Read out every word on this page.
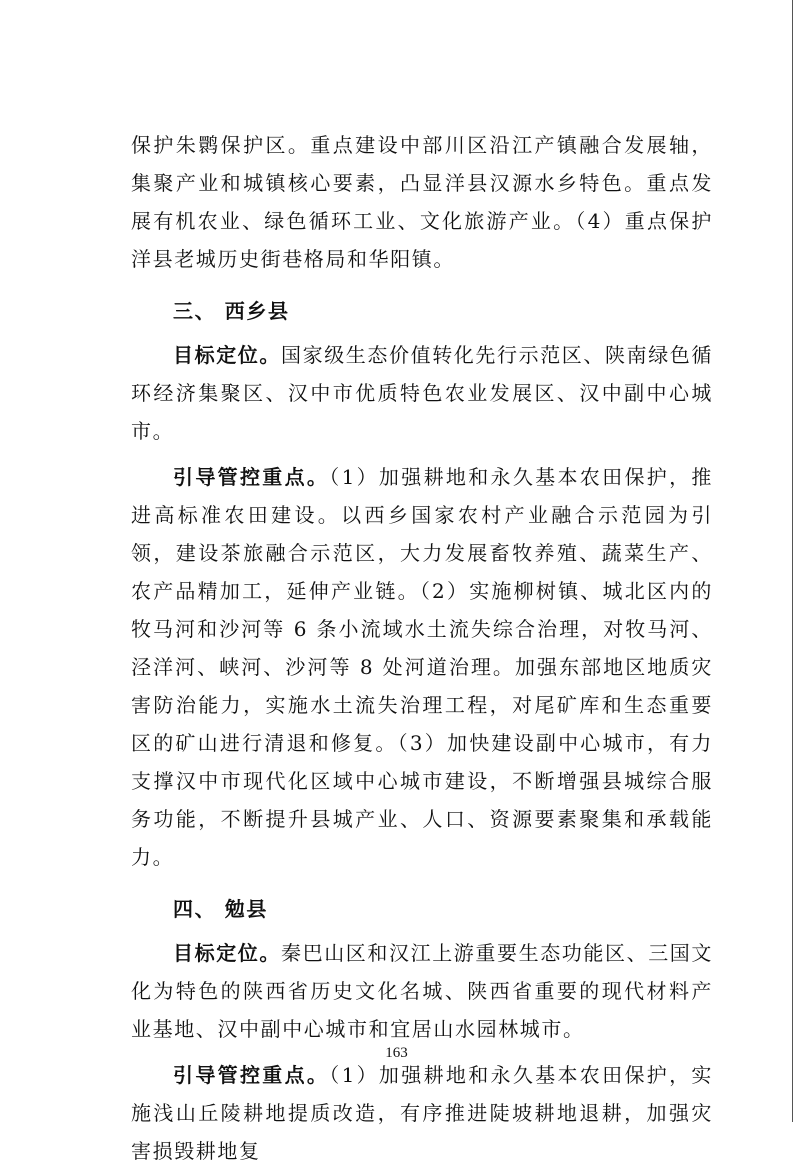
保护朱鹮保护区。重点建设中部川区沿江产镇融合发展轴，集聚产业和城镇核心要素，凸显洋县汉源水乡特色。重点发展有机农业、绿色循环工业、文化旅游产业。（4）重点保护洋县老城历史街巷格局和华阳镇。

三、 西乡县

目标定位。国家级生态价值转化先行示范区、陕南绿色循环经济集聚区、汉中市优质特色农业发展区、汉中副中心城市。

引导管控重点。（1）加强耕地和永久基本农田保护，推进高标准农田建设。以西乡国家农村产业融合示范园为引领，建设茶旅融合示范区，大力发展畜牧养殖、蔬菜生产、农产品精加工，延伸产业链。（2）实施柳树镇、城北区内的牧马河和沙河等 6 条小流域水土流失综合治理，对牧马河、泾洋河、峡河、沙河等 8 处河道治理。加强东部地区地质灾害防治能力，实施水土流失治理工程，对尾矿库和生态重要区的矿山进行清退和修复。（3）加快建设副中心城市，有力支撑汉中市现代化区域中心城市建设，不断增强县城综合服务功能，不断提升县城产业、人口、资源要素聚集和承载能力。

四、 勉县

目标定位。秦巴山区和汉江上游重要生态功能区、三国文化为特色的陕西省历史文化名城、陕西省重要的现代材料产业基地、汉中副中心城市和宜居山水园林城市。

引导管控重点。（1）加强耕地和永久基本农田保护，实施浅山丘陵耕地提质改造，有序推进陡坡耕地退耕，加强灾害损毁耕地复

163
